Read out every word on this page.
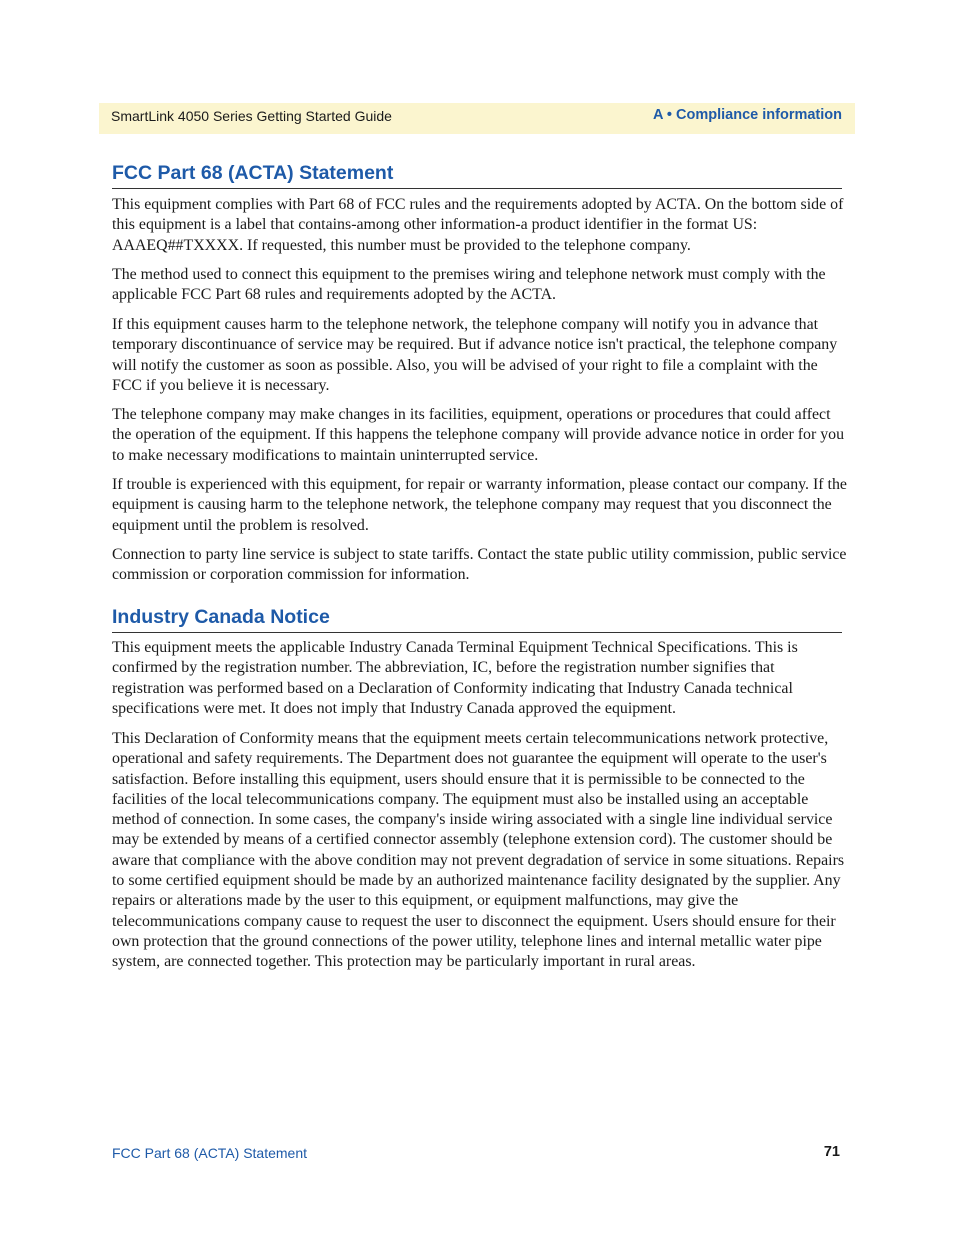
SmartLink 4050 Series Getting Started Guide	A • Compliance information
FCC Part 68 (ACTA) Statement

This equipment complies with Part 68 of FCC rules and the requirements adopted by ACTA. On the bottom side of this equipment is a label that contains-among other information-a product identifier in the format US: AAAEQ##TXXXX. If requested, this number must be provided to the telephone company.

The method used to connect this equipment to the premises wiring and telephone network must comply with the applicable FCC Part 68 rules and requirements adopted by the ACTA.

If this equipment causes harm to the telephone network, the telephone company will notify you in advance that temporary discontinuance of service may be required. But if advance notice isn't practical, the telephone company will notify the customer as soon as possible. Also, you will be advised of your right to file a complaint with the FCC if you believe it is necessary.

The telephone company may make changes in its facilities, equipment, operations or procedures that could affect the operation of the equipment. If this happens the telephone company will provide advance notice in order for you to make necessary modifications to maintain uninterrupted service.

If trouble is experienced with this equipment, for repair or warranty information, please contact our company. If the equipment is causing harm to the telephone network, the telephone company may request that you disconnect the equipment until the problem is resolved.

Connection to party line service is subject to state tariffs. Contact the state public utility commission, public service commission or corporation commission for information.

Industry Canada Notice

This equipment meets the applicable Industry Canada Terminal Equipment Technical Specifications. This is confirmed by the registration number. The abbreviation, IC, before the registration number signifies that registration was performed based on a Declaration of Conformity indicating that Industry Canada technical specifications were met. It does not imply that Industry Canada approved the equipment.

This Declaration of Conformity means that the equipment meets certain telecommunications network protective, operational and safety requirements. The Department does not guarantee the equipment will operate to the user's satisfaction. Before installing this equipment, users should ensure that it is permissible to be connected to the facilities of the local telecommunications company. The equipment must also be installed using an acceptable method of connection. In some cases, the company's inside wiring associated with a single line individual service may be extended by means of a certified connector assembly (telephone extension cord). The customer should be aware that compliance with the above condition may not prevent degradation of service in some situations. Repairs to some certified equipment should be made by an authorized maintenance facility designated by the supplier. Any repairs or alterations made by the user to this equipment, or equipment malfunctions, may give the telecommunications company cause to request the user to disconnect the equipment. Users should ensure for their own protection that the ground connections of the power utility, telephone lines and internal metallic water pipe system, are connected together. This protection may be particularly important in rural areas.

FCC Part 68 (ACTA) Statement	71
